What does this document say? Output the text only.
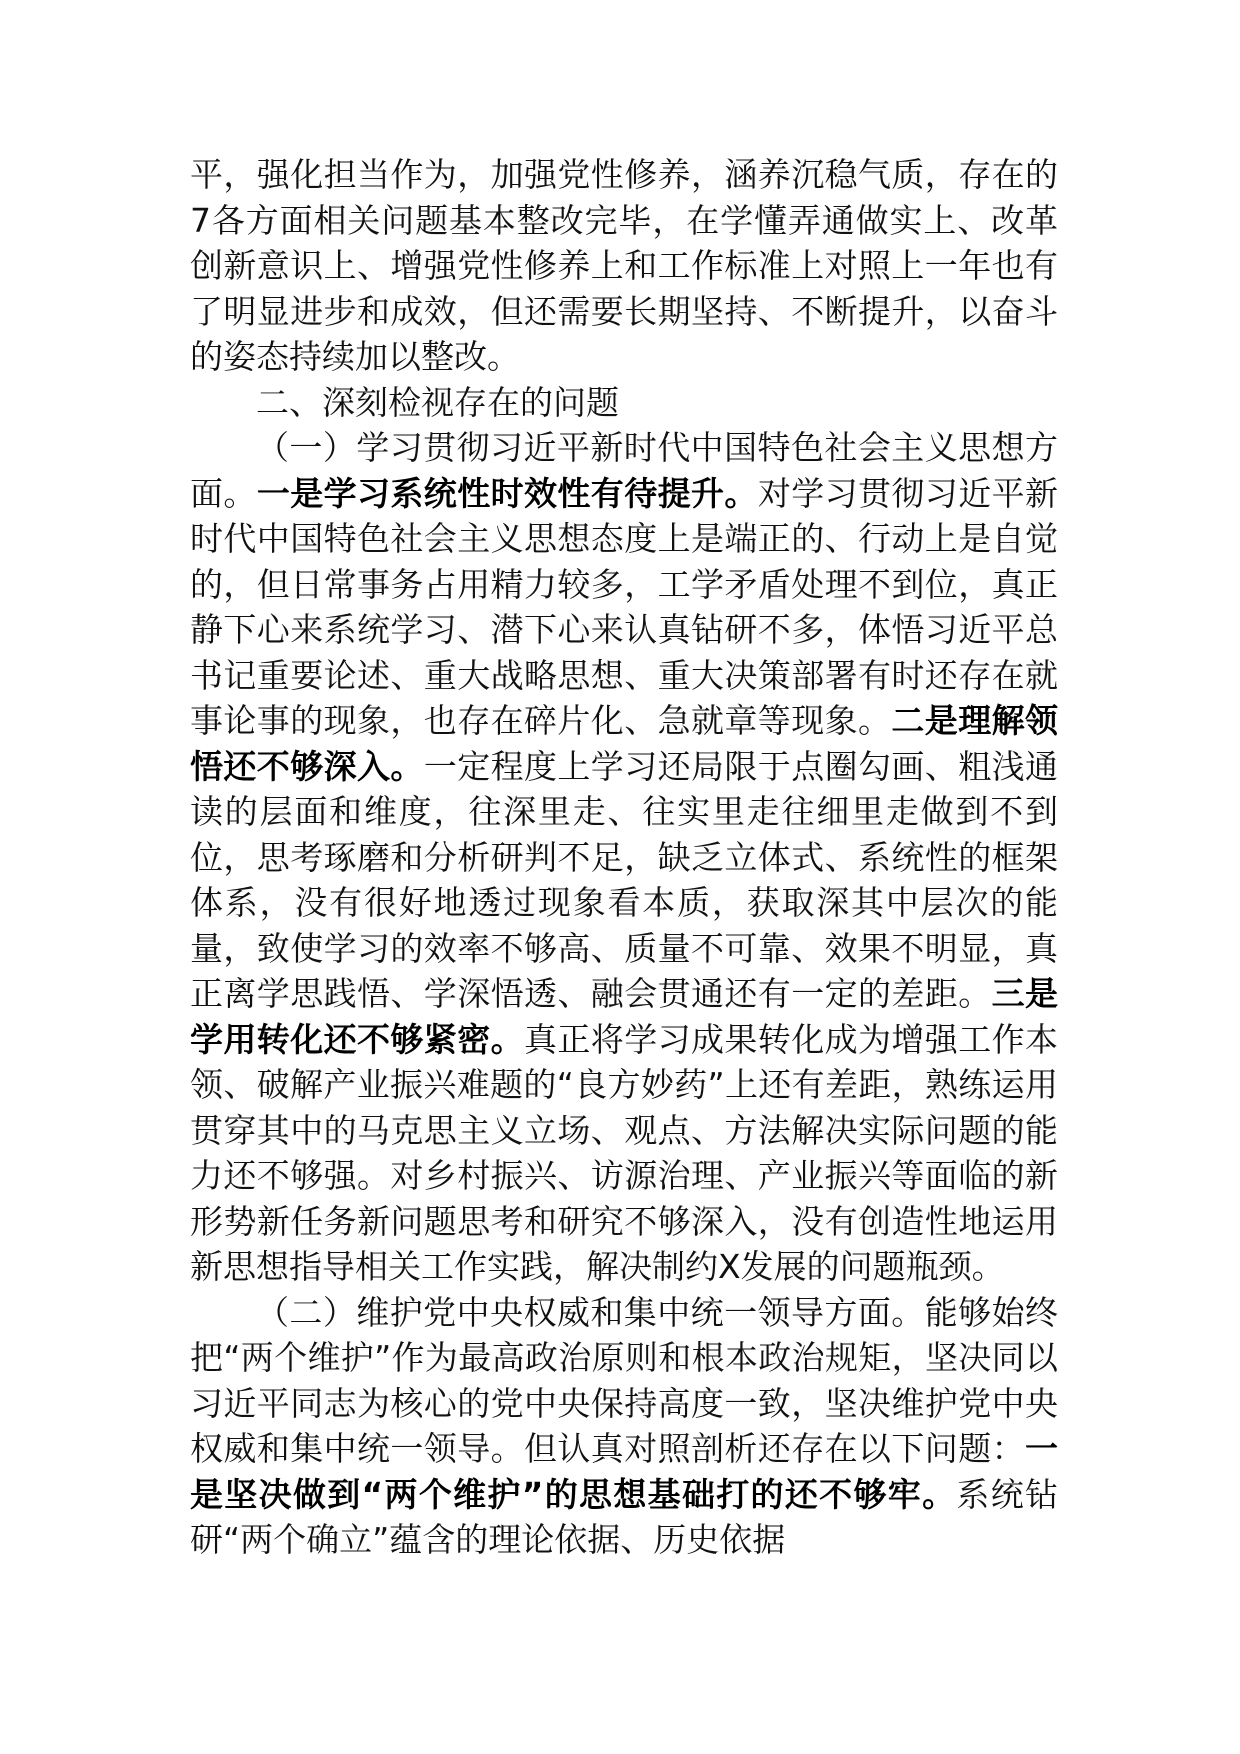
平，强化担当作为，加强党性修养，涵养沉稳气质，存在的7各方面相关问题基本整改完毕，在学懂弄通做实上、改革创新意识上、增强党性修养上和工作标准上对照上一年也有了明显进步和成效，但还需要长期坚持、不断提升，以奋斗的姿态持续加以整改。

二、深刻检视存在的问题

（一）学习贯彻习近平新时代中国特色社会主义思想方面。一是学习系统性时效性有待提升。对学习贯彻习近平新时代中国特色社会主义思想态度上是端正的、行动上是自觉的，但日常事务占用精力较多，工学矛盾处理不到位，真正静下心来系统学习、潜下心来认真钻研不多，体悟习近平总书记重要论述、重大战略思想、重大决策部署有时还存在就事论事的现象，也存在碎片化、急就章等现象。二是理解领悟还不够深入。一定程度上学习还局限于点圈勾画、粗浅通读的层面和维度，往深里走、往实里走往细里走做到不到位，思考琢磨和分析研判不足，缺乏立体式、系统性的框架体系，没有很好地透过现象看本质，获取深其中层次的能量，致使学习的效率不够高、质量不可靠、效果不明显，真正离学思践悟、学深悟透、融会贯通还有一定的差距。三是学用转化还不够紧密。真正将学习成果转化成为增强工作本领、破解产业振兴难题的“良方妙药”上还有差距，熟练运用贯穿其中的马克思主义立场、观点、方法解决实际问题的能力还不够强。对乡村振兴、访源治理、产业振兴等面临的新形势新任务新问题思考和研究不够深入，没有创造性地运用新思想指导相关工作实践，解决制约X发展的问题瓶颈。

（二）维护党中央权威和集中统一领导方面。能够始终把“两个维护”作为最高政治原则和根本政治规矩，坚决同以习近平同志为核心的党中央保持高度一致，坚决维护党中央权威和集中统一领导。但认真对照剖析还存在以下问题：一是坚决做到“两个维护”的思想基础打的还不够牢。系统钻研“两个确立”蕴含的理论依据、历史依据
